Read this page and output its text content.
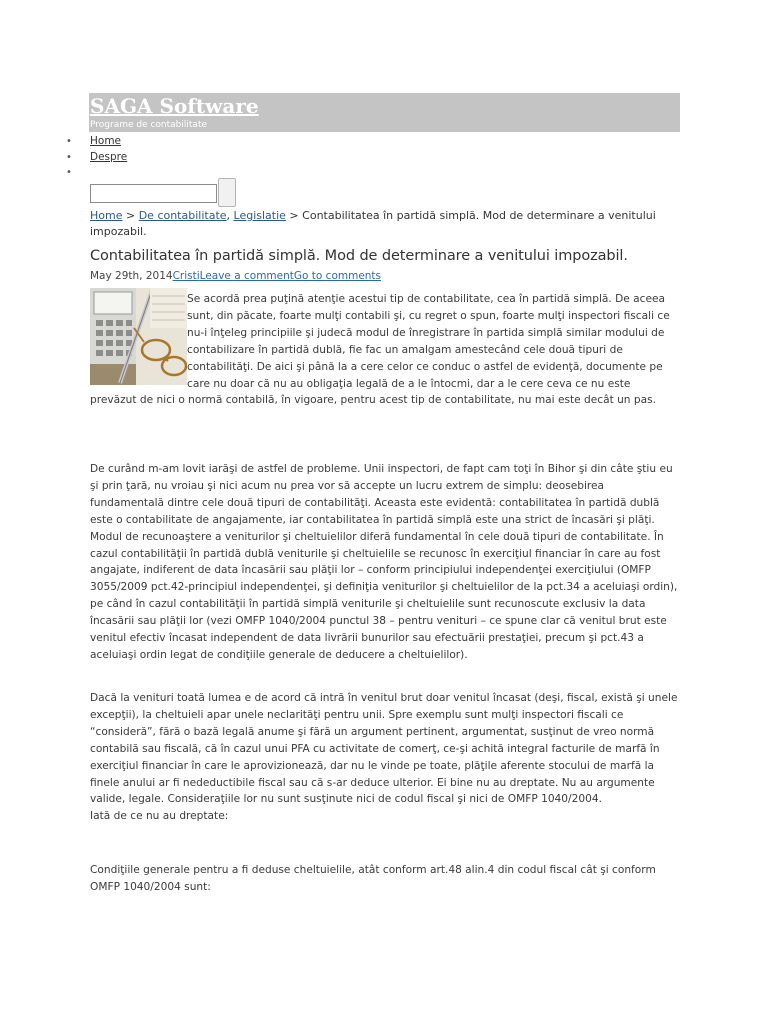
SAGA Software
Programe de contabilitate
• Home
• Despre
•
Home > De contabilitate, Legislatie > Contabilitatea în partidă simplă. Mod de determinare a venitului impozabil.
Contabilitatea în partidă simplă. Mod de determinare a venitului impozabil.
May 29th, 2014CristiLeave a commentGo to comments

Se acordă prea puţină atenţie acestui tip de contabilitate, cea în partidă simplă. De aceea sunt, din păcate, foarte mulţi contabili şi, cu regret o spun, foarte mulţi inspectori fiscali ce nu-i înţeleg principiile şi judecă modul de înregistrare în partida simplă similar modului de contabilizare în partidă dublă, fie fac un amalgam amestecând cele două tipuri de contabilităţi. De aici şi până la a cere celor ce conduc o astfel de evidenţă, documente pe care nu doar că nu au obligaţia legală de a le întocmi, dar a le cere ceva ce nu este prevăzut de nici o normă contabilă, în vigoare, pentru acest tip de contabilitate, nu mai este decât un pas.

De curând m-am lovit iarăşi de astfel de probleme. Unii inspectori, de fapt cam toţi în Bihor şi din câte ştiu eu şi prin ţară, nu vroiau şi nici acum nu prea vor să accepte un lucru extrem de simplu: deosebirea fundamentală dintre cele două tipuri de contabilităţi. Aceasta este evidentă: contabilitatea în partidă dublă este o contabilitate de angajamente, iar contabilitatea în partidă simplă este una strict de încasări şi plăţi. Modul de recunoaştere a veniturilor şi cheltuielilor diferă fundamental în cele două tipuri de contabilitate. În cazul contabilităţii în partidă dublă veniturile şi cheltuielile se recunosc în exerciţiul financiar în care au fost angajate, indiferent de data încasării sau plăţii lor – conform principiului independenţei exerciţiului (OMFP 3055/2009 pct.42-principiul independenţei, şi definiţia veniturilor şi cheltuielilor de la pct.34 a aceluiaşi ordin), pe când în cazul contabilităţii în partidă simplă veniturile şi cheltuielile sunt recunoscute exclusiv la data încasării sau plăţii lor (vezi OMFP 1040/2004 punctul 38 – pentru venituri – ce spune clar că venitul brut este venitul efectiv încasat independent de data livrării bunurilor sau efectuării prestaţiei, precum şi pct.43 a aceluiaşi ordin legat de condiţiile generale de deducere a cheltuielilor).

Dacă la venituri toată lumea e de acord că intră în venitul brut doar venitul încasat (deşi, fiscal, există şi unele excepţii), la cheltuieli apar unele neclarităţi pentru unii. Spre exemplu sunt mulţi inspectori fiscali ce “consideră”, fără o bază legală anume şi fără un argument pertinent, argumentat, susţinut de vreo normă contabilă sau fiscală, că în cazul unui PFA cu activitate de comerţ, ce-şi achită integral facturile de marfă în exerciţiul financiar în care le aprovizionează, dar nu le vinde pe toate, plăţile aferente stocului de marfă la finele anului ar fi nedeductibile fiscal sau că s-ar deduce ulterior. Ei bine nu au dreptate. Nu au argumente valide, legale. Consideraţiile lor nu sunt susţinute nici de codul fiscal şi nici de OMFP 1040/2004.

Iată de ce nu au dreptate:

Condiţiile generale pentru a fi deduse cheltuielile, atât conform art.48 alin.4 din codul fiscal cât şi conform OMFP 1040/2004 sunt:
